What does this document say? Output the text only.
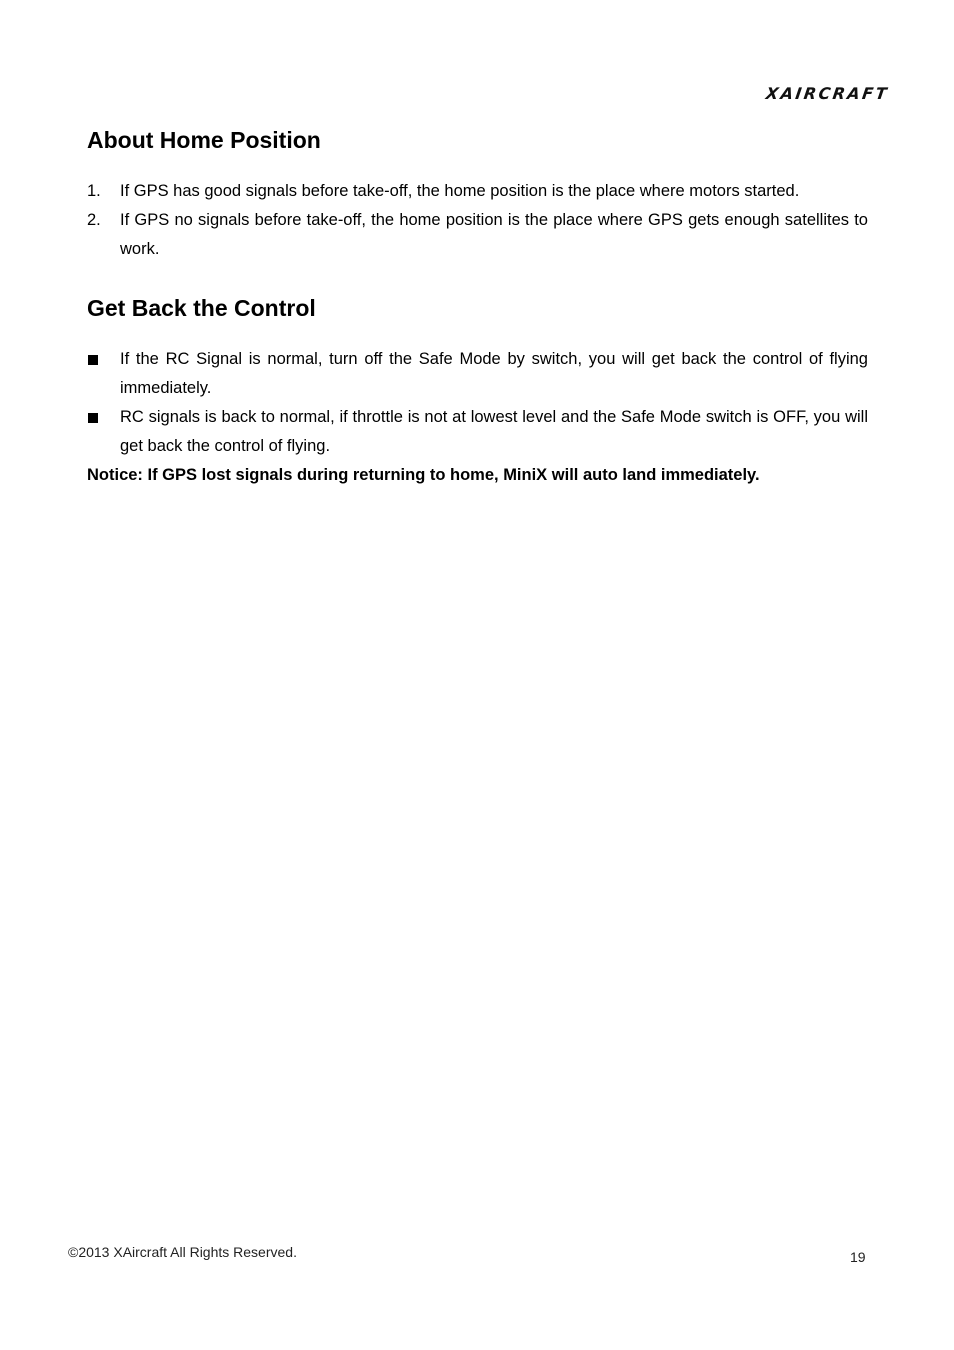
XAIRCRAFT
About Home Position
1. If GPS has good signals before take-off, the home position is the place where motors started.
2. If GPS no signals before take-off, the home position is the place where GPS gets enough satellites to work.
Get Back the Control
If the RC Signal is normal, turn off the Safe Mode by switch, you will get back the control of flying immediately.
RC signals is back to normal, if throttle is not at lowest level and the Safe Mode switch is OFF, you will get back the control of flying.

Notice: If GPS lost signals during returning to home, MiniX will auto land immediately.

©2013 XAircraft All Rights Reserved.	19
